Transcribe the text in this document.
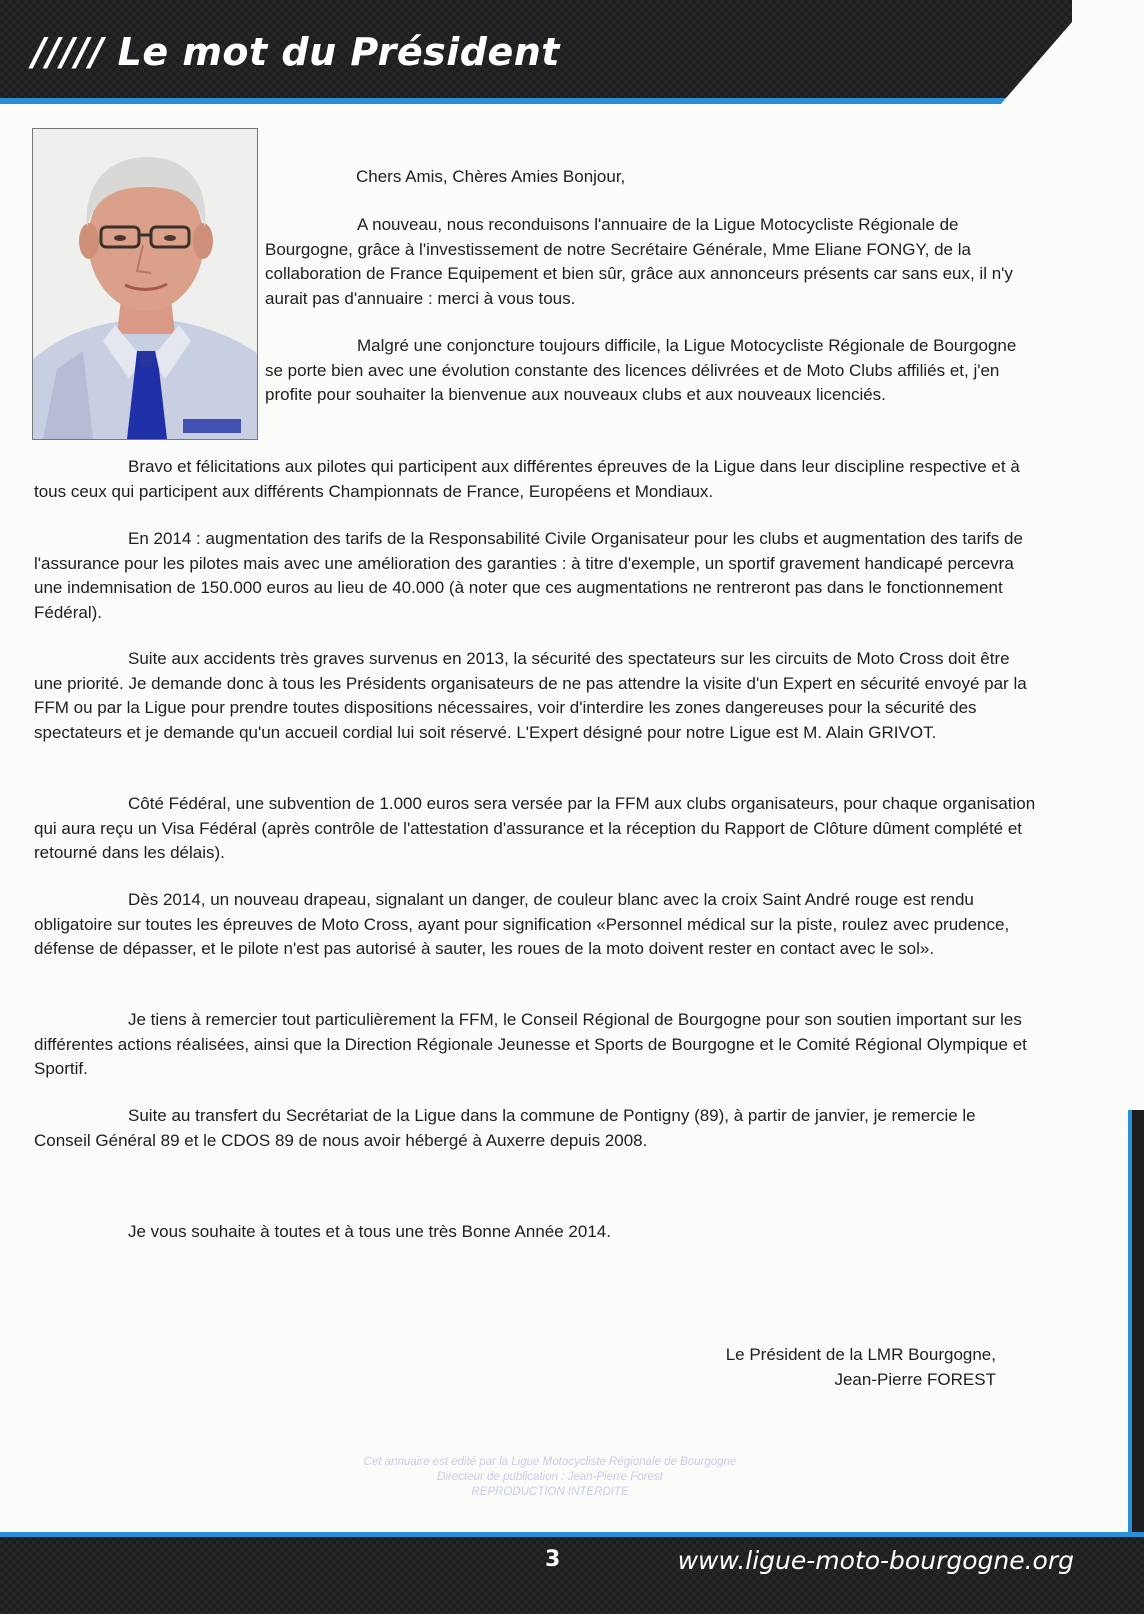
///// Le mot du Président

Chers Amis, Chères Amies Bonjour,

A nouveau, nous reconduisons l'annuaire de la Ligue Motocycliste Régionale de Bourgogne, grâce à l'investissement de notre Secrétaire Générale, Mme Eliane FONGY, de la collaboration de France Equipement et bien sûr, grâce aux annonceurs présents car sans eux, il n'y aurait pas d'annuaire : merci à vous tous.

Malgré une conjoncture toujours difficile, la Ligue Motocycliste Régionale de Bourgogne se porte bien avec une évolution constante des licences délivrées et de Moto Clubs affiliés et, j'en profite pour souhaiter la bienvenue aux nouveaux clubs et aux nouveaux licenciés.

Bravo et félicitations aux pilotes qui participent aux différentes épreuves de la Ligue dans leur discipline respective et à tous ceux qui participent aux différents Championnats de France, Européens et Mondiaux.

En 2014 : augmentation des tarifs de la Responsabilité Civile Organisateur pour les clubs et augmentation des tarifs de l'assurance pour les pilotes mais avec une amélioration des garanties : à titre d'exemple, un sportif gravement handicapé percevra une indemnisation de 150.000 euros au lieu de 40.000 (à noter que ces augmentations ne rentreront pas dans le fonctionnement Fédéral).

Suite aux accidents très graves survenus en 2013, la sécurité des spectateurs sur les circuits de Moto Cross doit être une priorité. Je demande donc à tous les Présidents organisateurs de ne pas attendre la visite d'un Expert en sécurité envoyé par la FFM ou par la Ligue pour prendre toutes dispositions nécessaires, voir d'interdire les zones dangereuses pour la sécurité des spectateurs et je demande qu'un accueil cordial lui soit réservé. L'Expert désigné pour notre Ligue est M. Alain GRIVOT.

Côté Fédéral, une subvention de 1.000 euros sera versée par la FFM aux clubs organisateurs, pour chaque organisation qui aura reçu un Visa Fédéral (après contrôle de l'attestation d'assurance et la réception du Rapport de Clôture dûment complété et retourné dans les délais).

Dès 2014, un nouveau drapeau, signalant un danger, de couleur blanc avec la croix Saint André rouge est rendu obligatoire sur toutes les épreuves de Moto Cross, ayant pour signification «Personnel médical sur la piste, roulez avec prudence, défense de dépasser, et le pilote n'est pas autorisé à sauter, les roues de la moto doivent rester en contact avec le sol».

Je tiens à remercier tout particulièrement la FFM, le Conseil Régional de Bourgogne pour son soutien important sur les différentes actions réalisées, ainsi que la Direction Régionale Jeunesse et Sports de Bourgogne et le Comité Régional Olympique et Sportif.

Suite au transfert du Secrétariat de la Ligue dans la commune de Pontigny (89), à partir de janvier, je remercie le Conseil Général 89 et le CDOS 89 de nous avoir hébergé à Auxerre depuis 2008.

Je vous souhaite à toutes et à tous une très Bonne Année 2014.

Le Président de la LMR Bourgogne,
Jean-Pierre FOREST
Cet annuaire est edité par la Ligue Motocycliste Régionale de Bourgogne
Directeur de publication : Jean-Pierre Forest
REPRODUCTION INTERDITE
3	www.ligue-moto-bourgogne.org
